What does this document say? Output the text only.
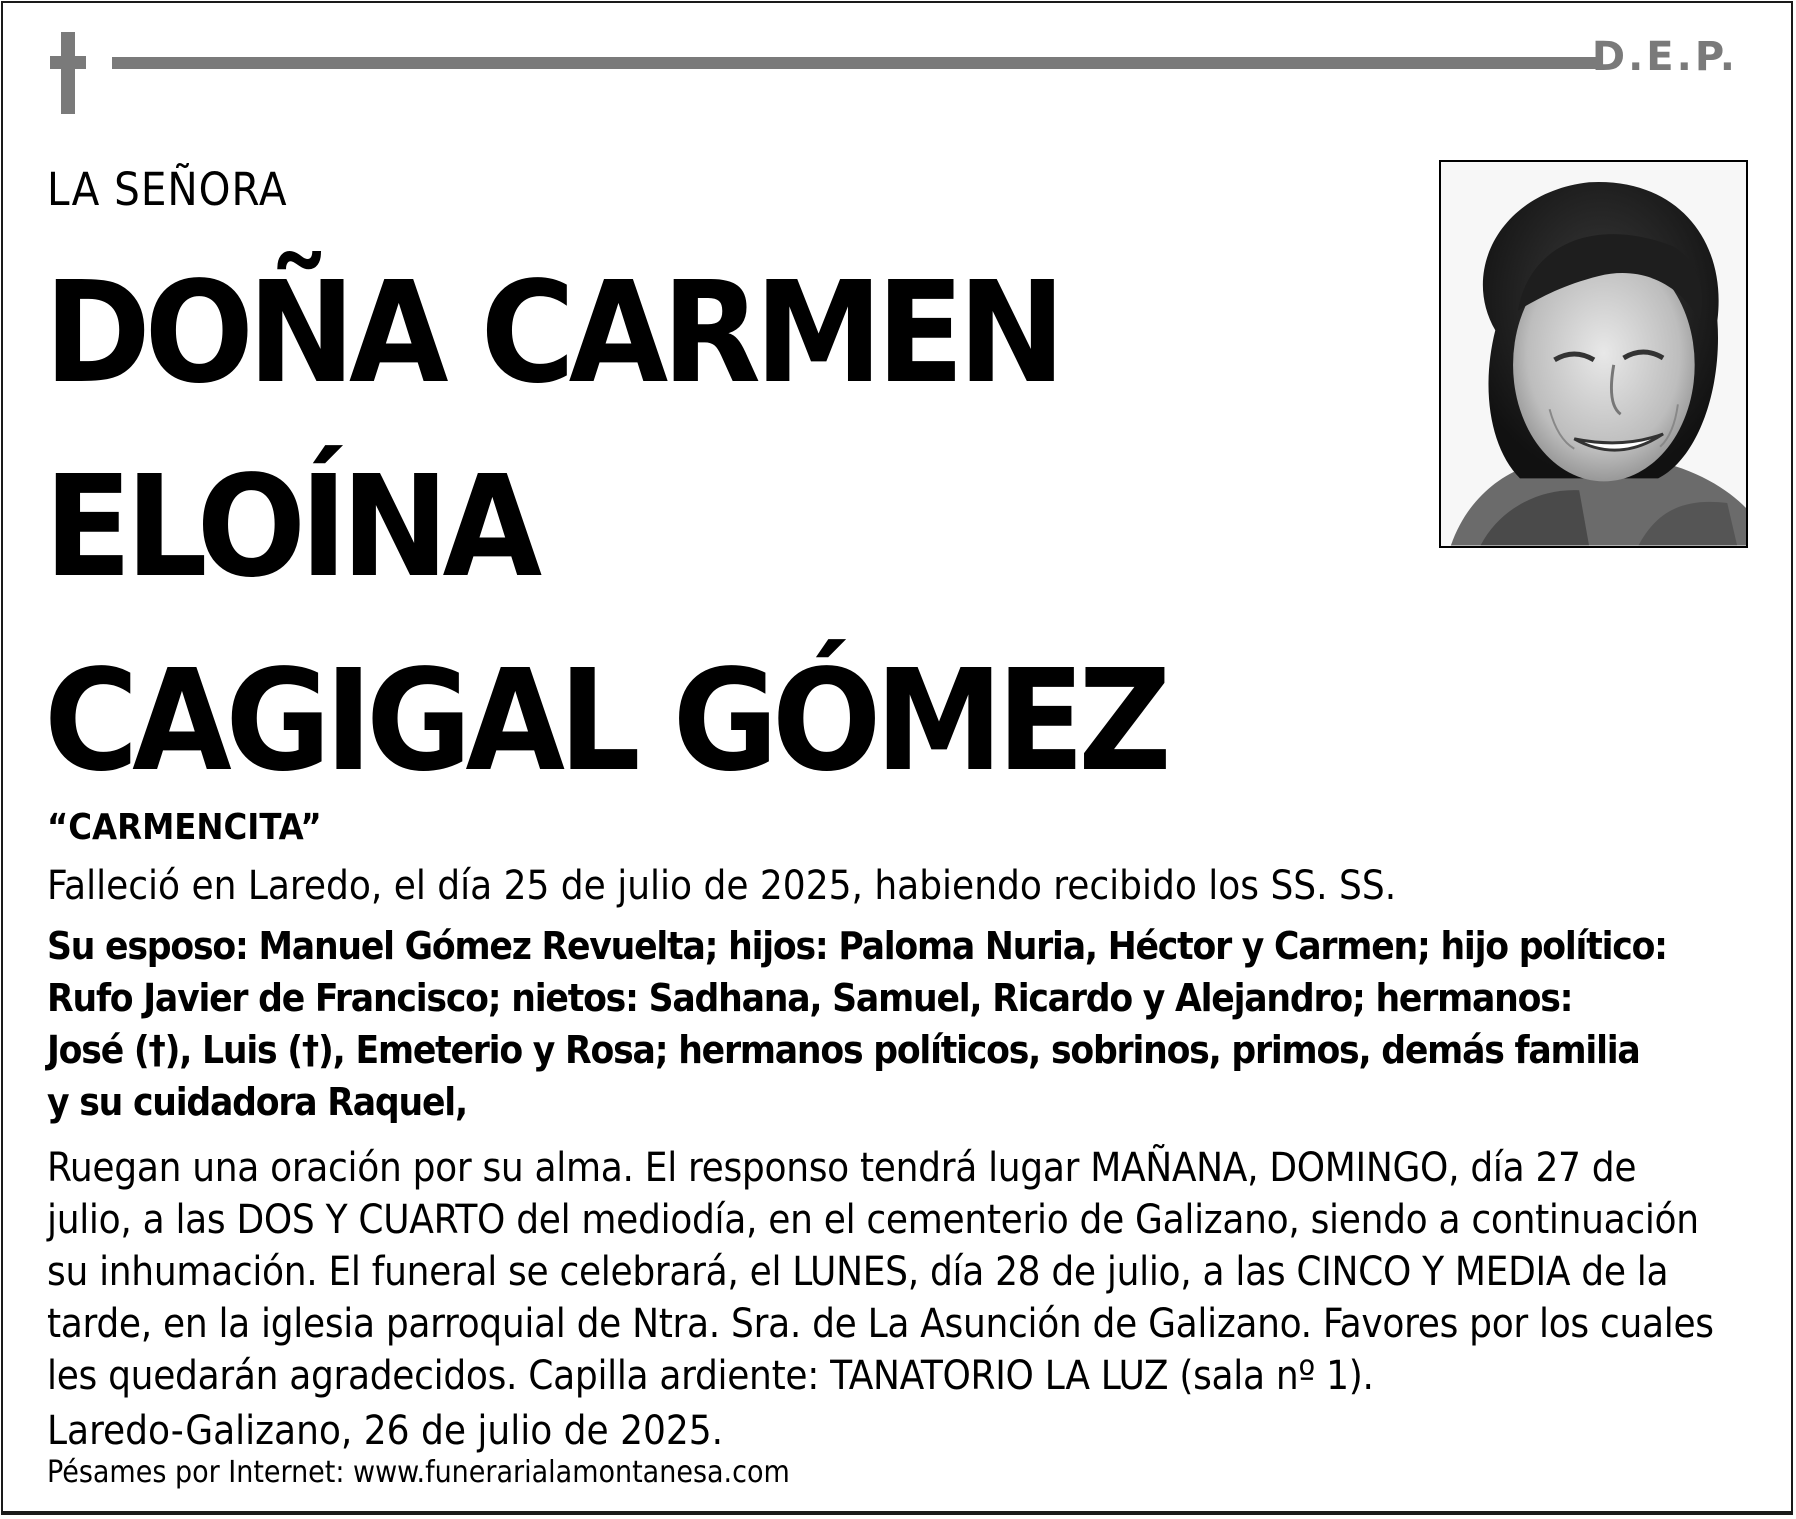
D.E.P.
LA SEÑORA
DOÑA CARMEN
ELOÍNA
CAGIGAL GÓMEZ
“CARMENCITA”
Falleció en Laredo, el día 25 de julio de 2025, habiendo recibido los SS. SS.
Su esposo: Manuel Gómez Revuelta; hijos: Paloma Nuria, Héctor y Carmen; hijo político:
Rufo Javier de Francisco; nietos: Sadhana, Samuel, Ricardo y Alejandro; hermanos:
José (†), Luis (†), Emeterio y Rosa; hermanos políticos, sobrinos, primos, demás familia
y su cuidadora Raquel,
Ruegan una oración por su alma. El responso tendrá lugar MAÑANA, DOMINGO, día 27 de
julio, a las DOS Y CUARTO del mediodía, en el cementerio de Galizano, siendo a continuación
su inhumación. El funeral se celebrará, el LUNES, día 28 de julio, a las CINCO Y MEDIA de la
tarde, en la iglesia parroquial de Ntra. Sra. de La Asunción de Galizano. Favores por los cuales
les quedarán agradecidos. Capilla ardiente: TANATORIO LA LUZ (sala nº 1).
Laredo-Galizano, 26 de julio de 2025.
Pésames por Internet: www.funerarialamontanesa.com
